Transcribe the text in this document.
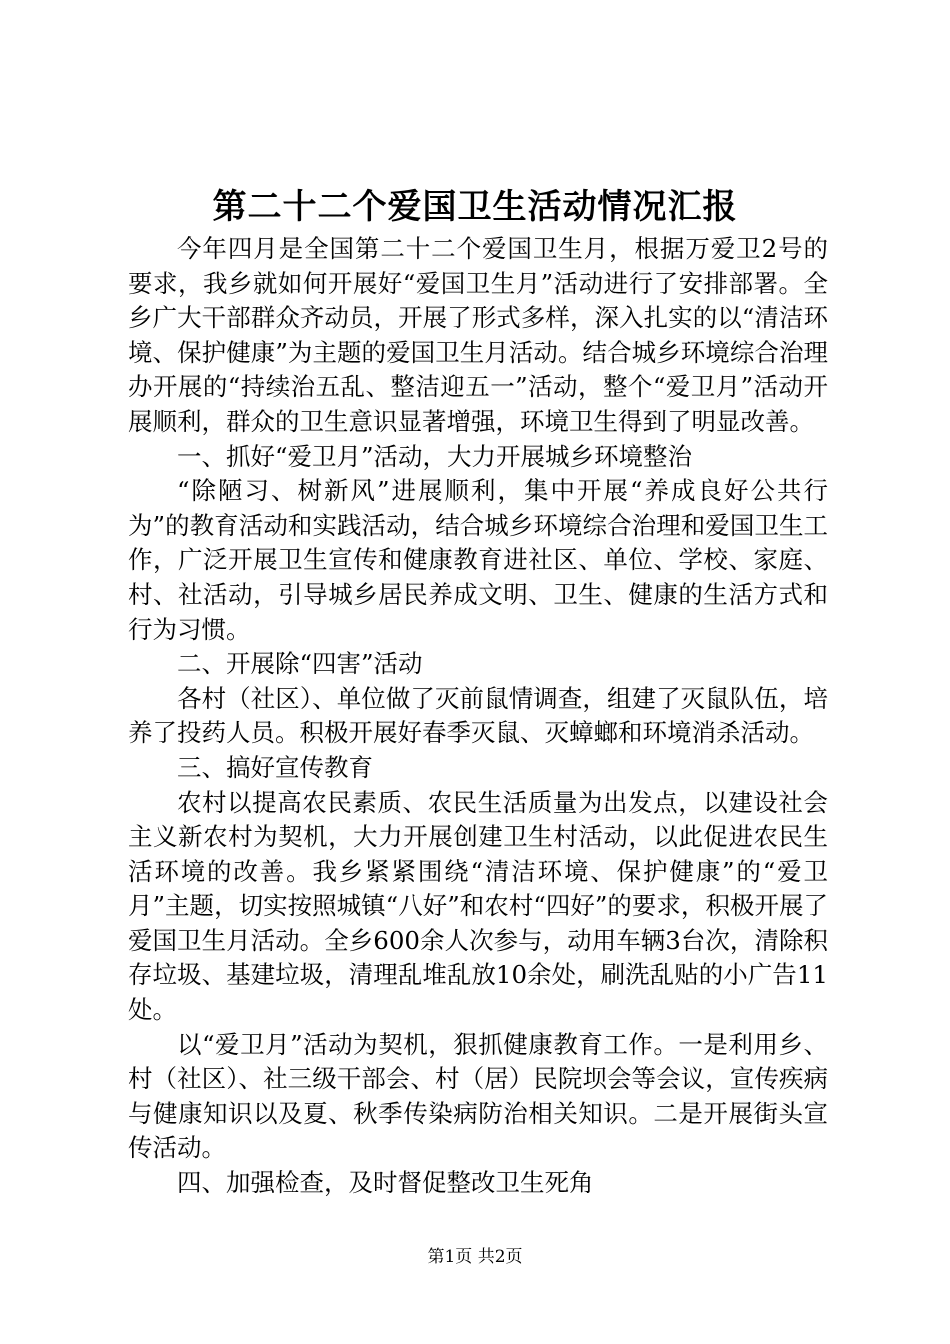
第二十二个爱国卫生活动情况汇报

今年四月是全国第二十二个爱国卫生月，根据万爱卫2号的要求，我乡就如何开展好“爱国卫生月”活动进行了安排部署。全乡广大干部群众齐动员，开展了形式多样，深入扎实的以“清洁环境、保护健康”为主题的爱国卫生月活动。结合城乡环境综合治理办开展的“持续治五乱、整洁迎五一”活动，整个“爱卫月”活动开展顺利，群众的卫生意识显著增强，环境卫生得到了明显改善。

一、抓好“爱卫月”活动，大力开展城乡环境整治

“除陋习、树新风”进展顺利，集中开展“养成良好公共行为”的教育活动和实践活动，结合城乡环境综合治理和爱国卫生工作，广泛开展卫生宣传和健康教育进社区、单位、学校、家庭、村、社活动，引导城乡居民养成文明、卫生、健康的生活方式和行为习惯。

二、开展除“四害”活动

各村（社区）、单位做了灭前鼠情调查，组建了灭鼠队伍，培养了投药人员。积极开展好春季灭鼠、灭蟑螂和环境消杀活动。

三、搞好宣传教育

农村以提高农民素质、农民生活质量为出发点，以建设社会主义新农村为契机，大力开展创建卫生村活动，以此促进农民生活环境的改善。我乡紧紧围绕“清洁环境、保护健康”的“爱卫月”主题，切实按照城镇“八好”和农村“四好”的要求，积极开展了爱国卫生月活动。全乡600余人次参与，动用车辆3台次，清除积存垃圾、基建垃圾，清理乱堆乱放10余处，刷洗乱贴的小广告11处。

以“爱卫月”活动为契机，狠抓健康教育工作。一是利用乡、村（社区）、社三级干部会、村（居）民院坝会等会议，宣传疾病与健康知识以及夏、秋季传染病防治相关知识。二是开展街头宣传活动。

四、加强检查，及时督促整改卫生死角

第1页 共2页
